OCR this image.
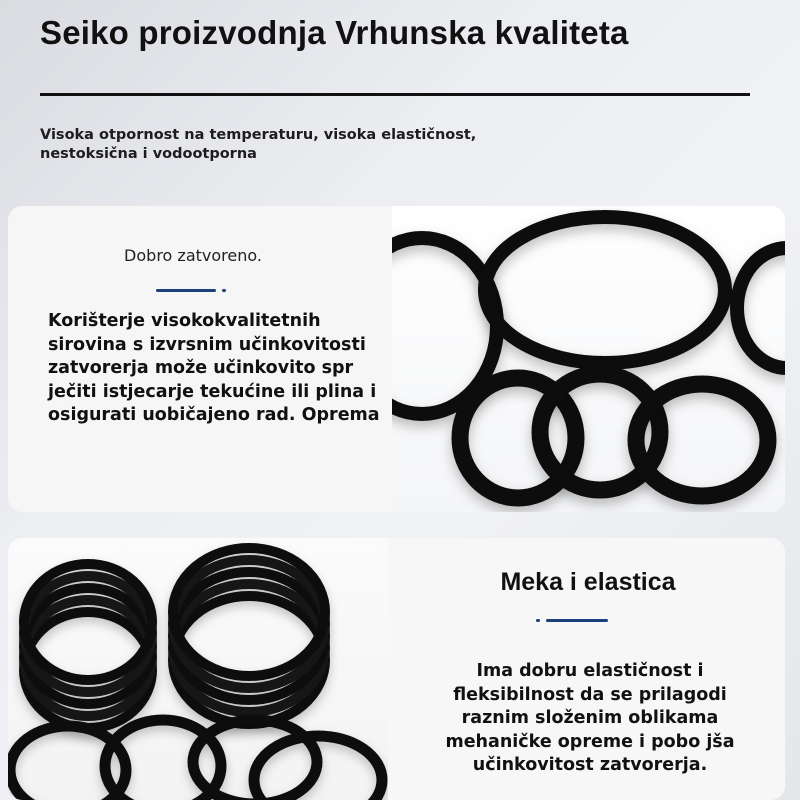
Seiko proizvodnja Vrhunska kvaliteta
Visoka otpornost na temperaturu, visoka elastičnost, nestoksična i vodootporna
Dobro zatvoreno.
Korišterje visokokvalitetnih sirovina s izvrsnim učinkovitosti zatvorerja može učinkovito spr ječiti istjecarje tekućine ili plina i osigurati uobičajeno rad. Oprema
Meka i elastica
Ima dobru elastičnost i fleksibilnost da se prilagodi raznim složenim oblikama mehaničke opreme i pobo jša učinkovitost zatvorerja.
